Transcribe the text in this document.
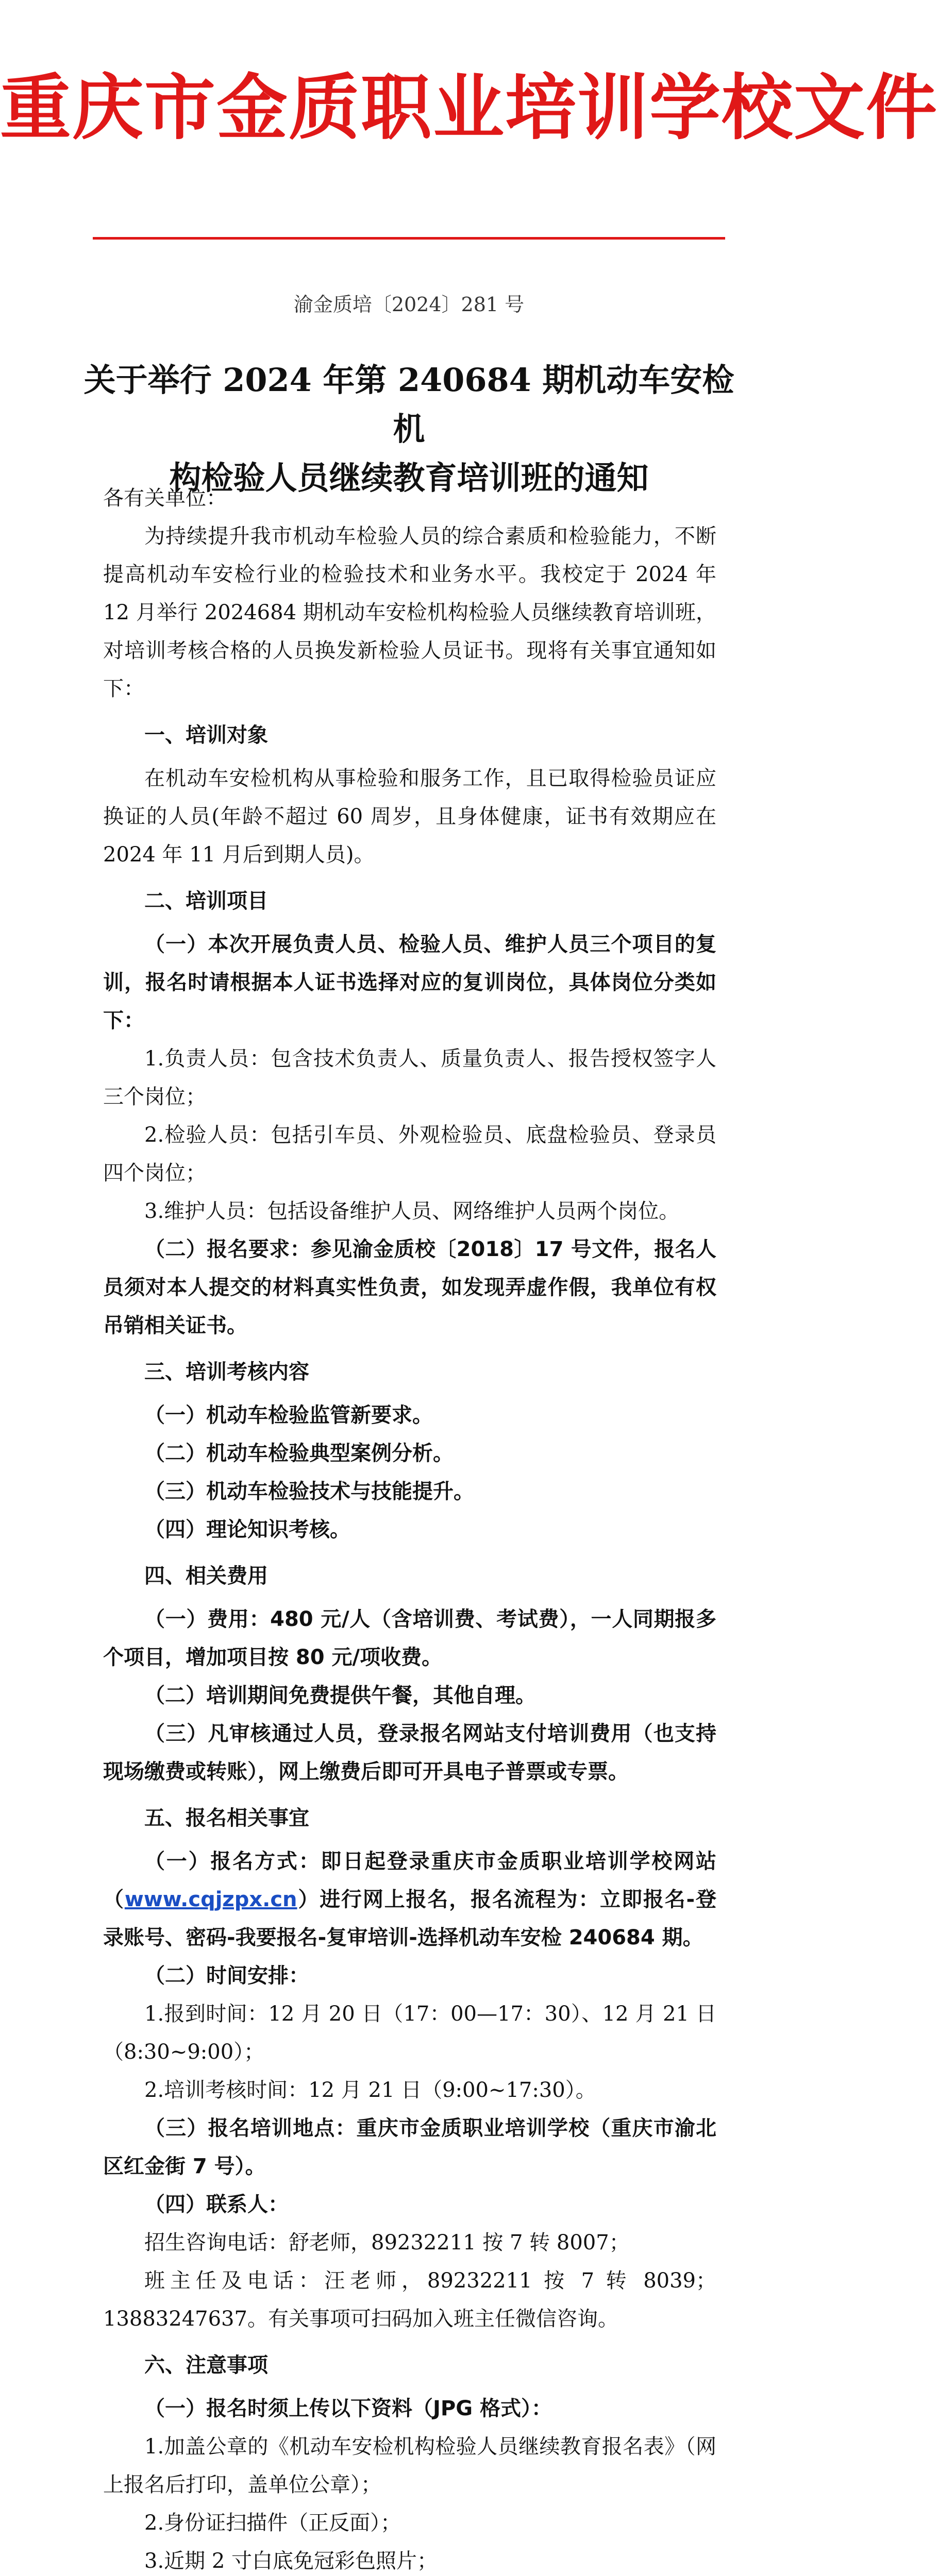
重庆市金质职业培训学校文件
渝金质培〔2024〕281 号
关于举行 2024 年第 240684 期机动车安检机
构检验人员继续教育培训班的通知

各有关单位：

为持续提升我市机动车检验人员的综合素质和检验能力，不断提高机动车安检行业的检验技术和业务水平。我校定于 2024 年 12 月举行 2024684 期机动车安检机构检验人员继续教育培训班，对培训考核合格的人员换发新检验人员证书。现将有关事宜通知如下：

一、培训对象

在机动车安检机构从事检验和服务工作，且已取得检验员证应换证的人员(年龄不超过 60 周岁，且身体健康，证书有效期应在 2024 年 11 月后到期人员)。

二、培训项目

（一）本次开展负责人员、检验人员、维护人员三个项目的复训，报名时请根据本人证书选择对应的复训岗位，具体岗位分类如下：

1.负责人员：包含技术负责人、质量负责人、报告授权签字人三个岗位；

2.检验人员：包括引车员、外观检验员、底盘检验员、登录员四个岗位；

3.维护人员：包括设备维护人员、网络维护人员两个岗位。

（二）报名要求：参见渝金质校〔2018〕17 号文件，报名人员须对本人提交的材料真实性负责，如发现弄虚作假，我单位有权吊销相关证书。

三、培训考核内容

（一）机动车检验监管新要求。

（二）机动车检验典型案例分析。

（三）机动车检验技术与技能提升。

（四）理论知识考核。

四、相关费用

（一）费用：480 元/人（含培训费、考试费），一人同期报多个项目，增加项目按 80 元/项收费。

（二）培训期间免费提供午餐，其他自理。

（三）凡审核通过人员，登录报名网站支付培训费用（也支持现场缴费或转账），网上缴费后即可开具电子普票或专票。

五、报名相关事宜

（一）报名方式：即日起登录重庆市金质职业培训学校网站（www.cqjzpx.cn）进行网上报名，报名流程为：立即报名-登录账号、密码-我要报名-复审培训-选择机动车安检 240684 期。

（二）时间安排：

1.报到时间：12 月 20 日（17：00—17：30）、12 月 21 日（8:30~9:00）；

2.培训考核时间：12 月 21 日（9:00~17:30）。

（三）报名培训地点：重庆市金质职业培训学校（重庆市渝北区红金街 7 号）。

（四）联系人：

招生咨询电话：舒老师，89232211 按 7 转 8007；

班主任及电话：汪老师，89232211 按 7 转 8039；13883247637。有关事项可扫码加入班主任微信咨询。

六、注意事项

（一）报名时须上传以下资料（JPG 格式）：

1.加盖公章的《机动车安检机构检验人员继续教育报名表》（网上报名后打印，盖单位公章）；

2.身份证扫描件（正反面）；

3.近期 2 寸白底免冠彩色照片；
